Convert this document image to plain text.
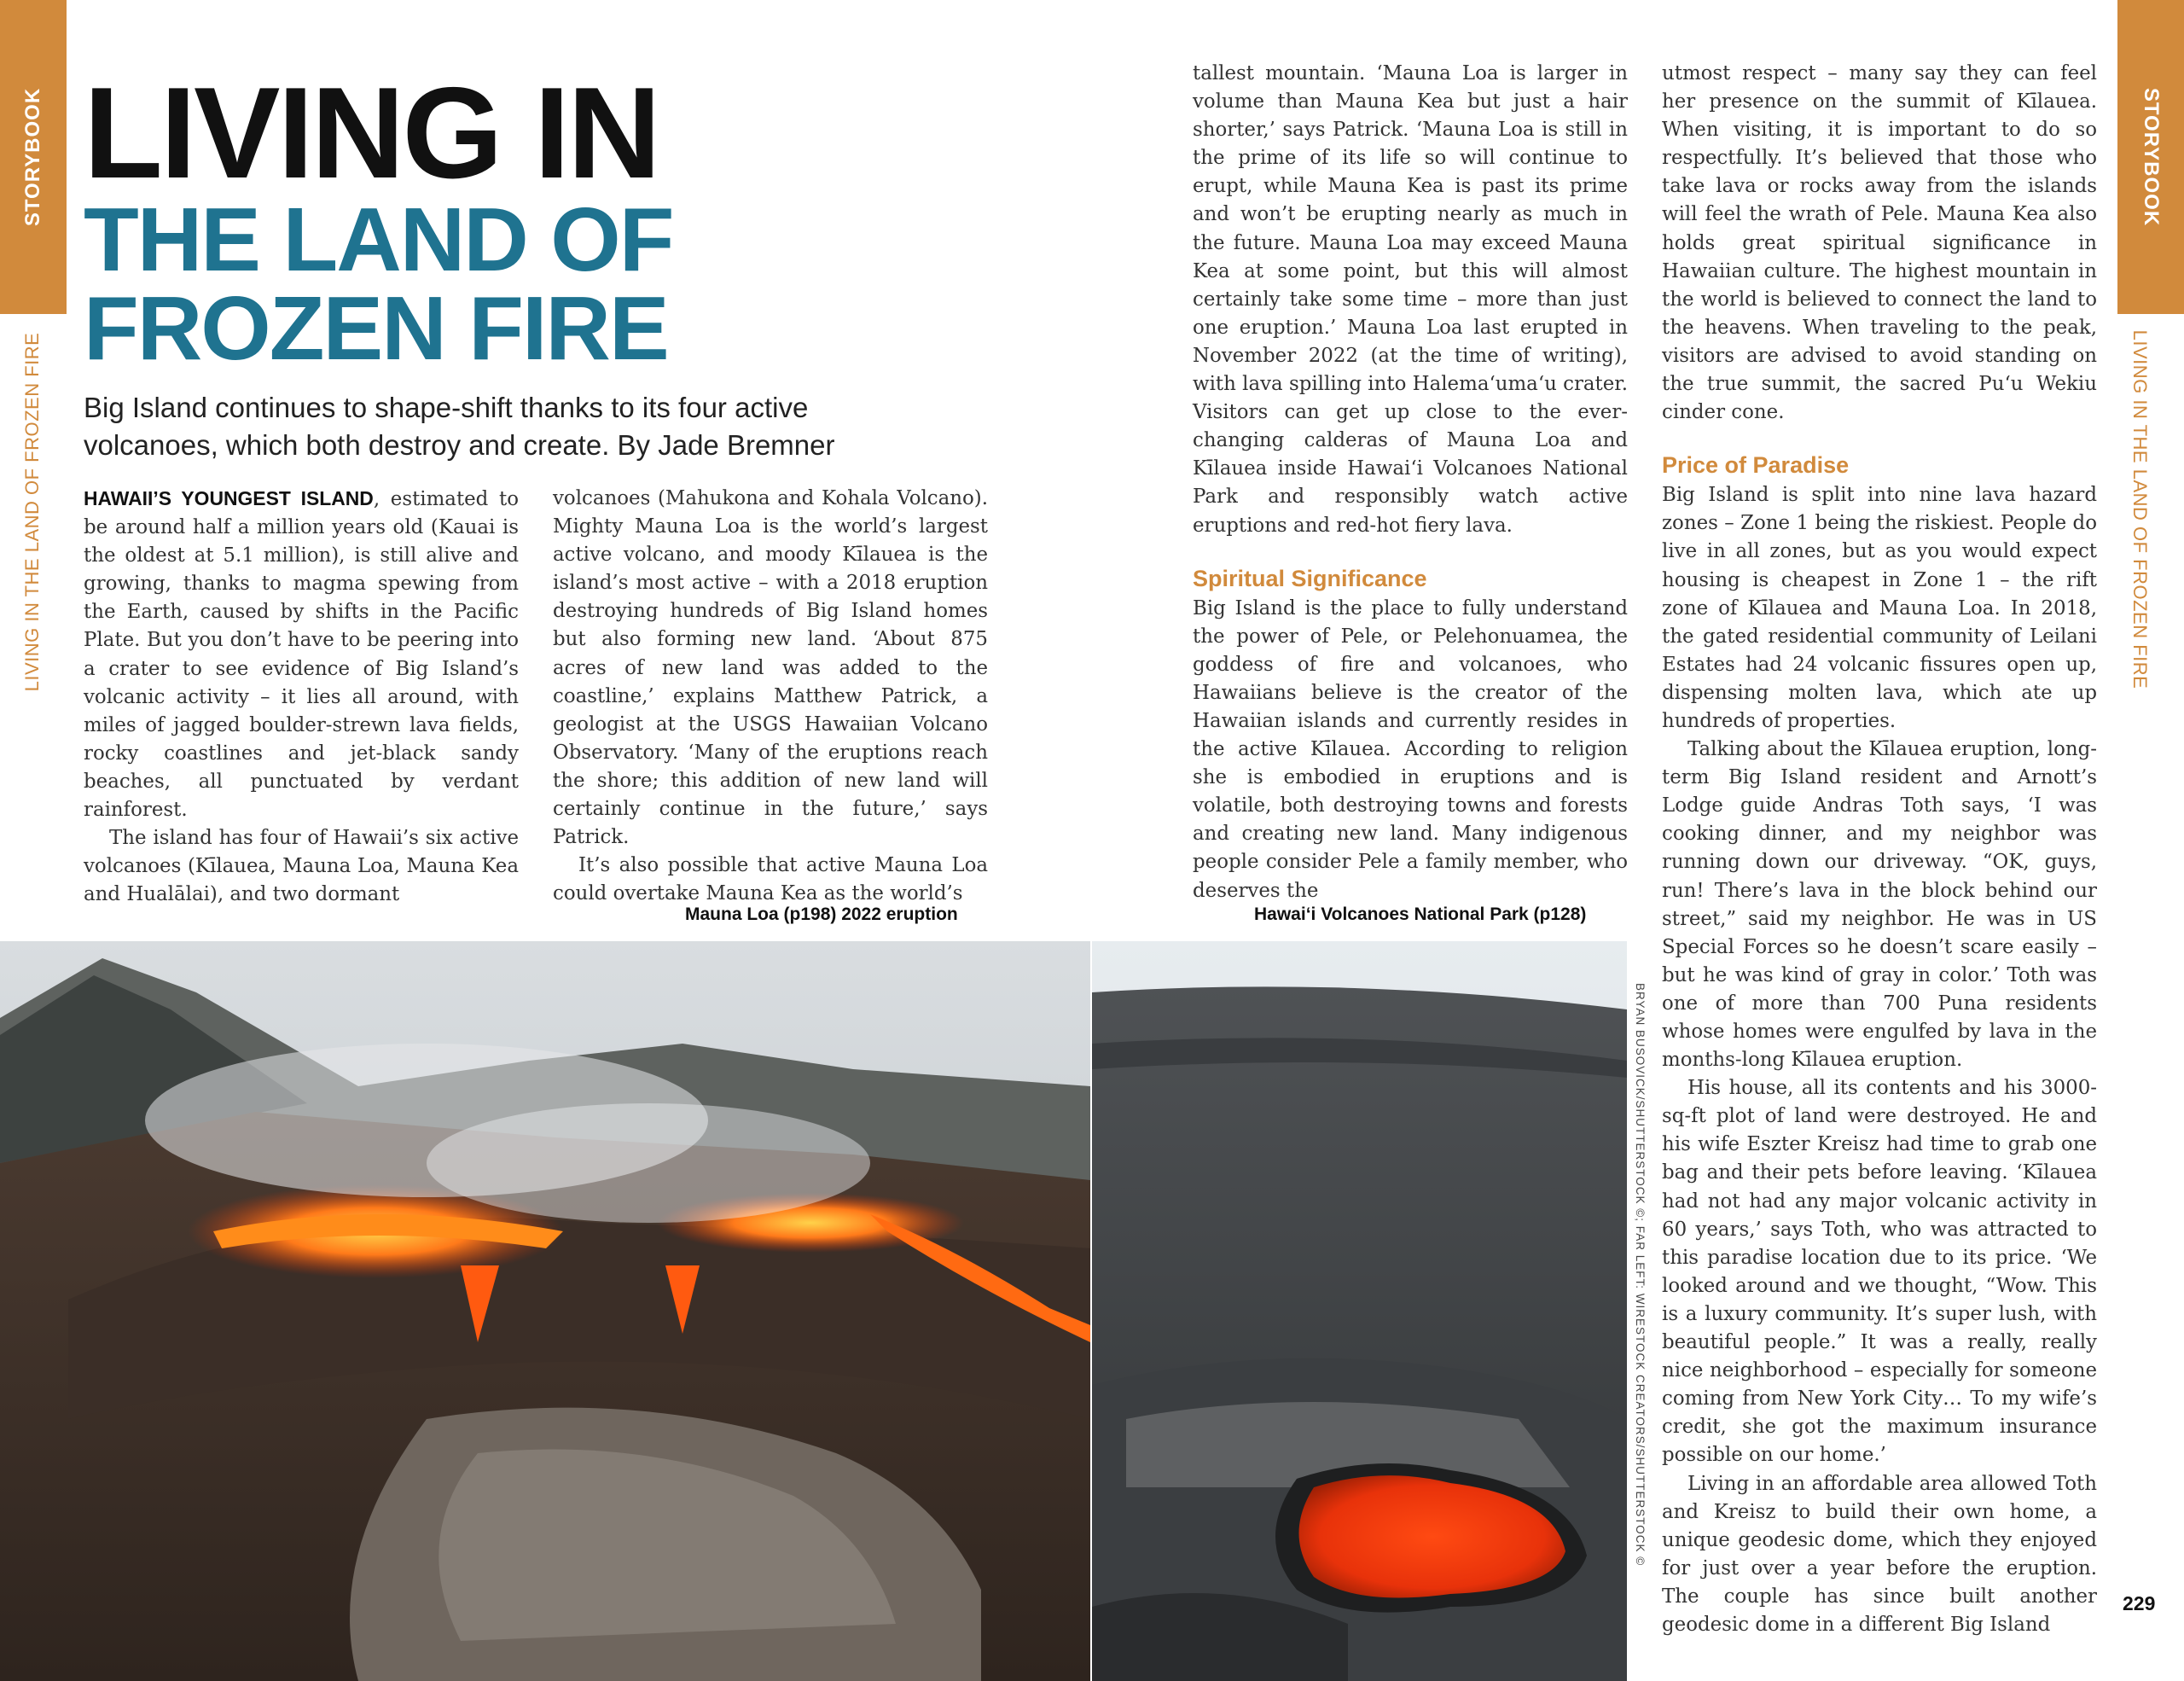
STORYBOOK	STORYBOOK
LIVING IN THE LAND OF FROZEN FIRE	LIVING IN THE LAND OF FROZEN FIRE
LIVING IN
THE LAND OF
FROZEN FIRE

Big Island continues to shape-shift thanks to its four active volcanoes, which both destroy and create. By Jade Bremner

HAWAII’S YOUNGEST ISLAND, estimated to be around half a million years old (Kauai is the oldest at 5.1 million), is still alive and growing, thanks to magma spewing from the Earth, caused by shifts in the Pacific Plate. But you don’t have to be peering into a crater to see evidence of Big Island’s volcanic activity – it lies all around, with miles of jagged boulder-strewn lava fields, rocky coastlines and jet-black sandy beaches, all punctuated by verdant rainforest.

The island has four of Hawaii’s six active volcanoes (Kīlauea, Mauna Loa, Mauna Kea and Hualālai), and two dormant

volcanoes (Mahukona and Kohala Volcano). Mighty Mauna Loa is the world’s largest active volcano, and moody Kīlauea is the island’s most active – with a 2018 eruption destroying hundreds of Big Island homes but also forming new land. ‘About 875 acres of new land was added to the coastline,’ explains Matthew Patrick, a geologist at the USGS Hawaiian Volcano Observatory. ‘Many of the eruptions reach the shore; this addition of new land will certainly continue in the future,’ says Patrick.

It’s also possible that active Mauna Loa could overtake Mauna Kea as the world’s

tallest mountain. ‘Mauna Loa is larger in volume than Mauna Kea but just a hair shorter,’ says Patrick. ‘Mauna Loa is still in the prime of its life so will continue to erupt, while Mauna Kea is past its prime and won’t be erupting nearly as much in the future. Mauna Loa may exceed Mauna Kea at some point, but this will almost certainly take some time – more than just one eruption.’ Mauna Loa last erupted in November 2022 (at the time of writing), with lava spilling into Halemaʻumaʻu crater. Visitors can get up close to the ever-changing calderas of Mauna Loa and Kīlauea inside Hawaiʻi Volcanoes National Park and responsibly watch active eruptions and red-hot fiery lava.

Spiritual Significance

Big Island is the place to fully understand the power of Pele, or Pelehonuamea, the goddess of fire and volcanoes, who Hawaiians believe is the creator of the Hawaiian islands and currently resides in the active Kīlauea. According to religion she is embodied in eruptions and is volatile, both destroying towns and forests and creating new land. Many indigenous people consider Pele a family member, who deserves the

utmost respect – many say they can feel her presence on the summit of Kīlauea. When visiting, it is important to do so respectfully. It’s believed that those who take lava or rocks away from the islands will feel the wrath of Pele. Mauna Kea also holds great spiritual significance in Hawaiian culture. The highest mountain in the world is believed to connect the land to the heavens. When traveling to the peak, visitors are advised to avoid standing on the true summit, the sacred Puʻu Wekiu cinder cone.

Price of Paradise

Big Island is split into nine lava hazard zones – Zone 1 being the riskiest. People do live in all zones, but as you would expect housing is cheapest in Zone 1 – the rift zone of Kīlauea and Mauna Loa. In 2018, the gated residential community of Leilani Estates had 24 volcanic fissures open up, dispensing molten lava, which ate up hundreds of properties.

Talking about the Kīlauea eruption, long-term Big Island resident and Arnott’s Lodge guide Andras Toth says, ‘I was cooking dinner, and my neighbor was running down our driveway. “OK, guys, run! There’s lava in the block behind our street,” said my neighbor. He was in US Special Forces so he doesn’t scare easily – but he was kind of gray in color.’ Toth was one of more than 700 Puna residents whose homes were engulfed by lava in the months-long Kīlauea eruption.

His house, all its contents and his 3000-sq-ft plot of land were destroyed. He and his wife Eszter Kreisz had time to grab one bag and their pets before leaving. ‘Kīlauea had not had any major volcanic activity in 60 years,’ says Toth, who was attracted to this paradise location due to its price. ‘We looked around and we thought, “Wow. This is a luxury community. It’s super lush, with beautiful people.” It was a really, really nice neighborhood – especially for someone coming from New York City… To my wife’s credit, she got the maximum insurance possible on our home.’

Living in an affordable area allowed Toth and Kreisz to build their own home, a unique geodesic dome, which they enjoyed for just over a year before the eruption. The couple has since built another geodesic dome in a different Big Island

Mauna Loa (p198) 2022 eruption	Hawaiʻi Volcanoes National Park (p128)
BRYAN BUSOVICK/SHUTTERSTOCK ©; FAR LEFT: WIRESTOCK CREATORS/SHUTTERSTOCK ©
229
